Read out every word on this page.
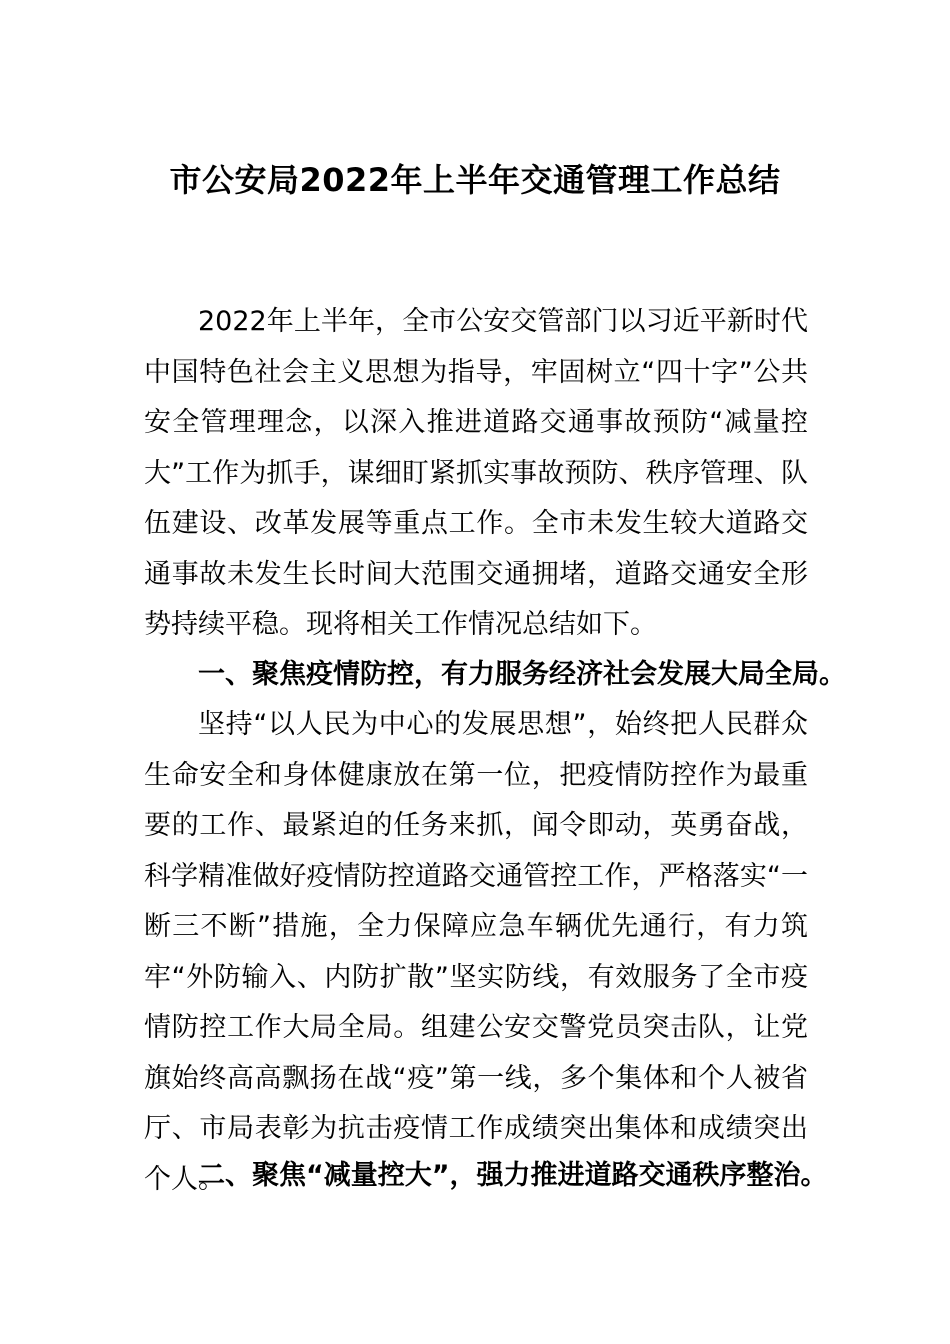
市公安局2022年上半年交通管理工作总结

2022年上半年，全市公安交管部门以习近平新时代中国特色社会主义思想为指导，牢固树立“四十字”公共安全管理理念，以深入推进道路交通事故预防“减量控大”工作为抓手，谋细盯紧抓实事故预防、秩序管理、队伍建设、改革发展等重点工作。全市未发生较大道路交通事故未发生长时间大范围交通拥堵，道路交通安全形势持续平稳。现将相关工作情况总结如下。

一、聚焦疫情防控，有力服务经济社会发展大局全局。

坚持“以人民为中心的发展思想”，始终把人民群众生命安全和身体健康放在第一位，把疫情防控作为最重要的工作、最紧迫的任务来抓，闻令即动，英勇奋战，科学精准做好疫情防控道路交通管控工作，严格落实“一断三不断”措施，全力保障应急车辆优先通行，有力筑牢“外防输入、内防扩散”坚实防线，有效服务了全市疫情防控工作大局全局。组建公安交警党员突击队，让党旗始终高高飘扬在战“疫”第一线，多个集体和个人被省厅、市局表彰为抗击疫情工作成绩突出集体和成绩突出个人。

二、聚焦“减量控大”，强力推进道路交通秩序整治。
